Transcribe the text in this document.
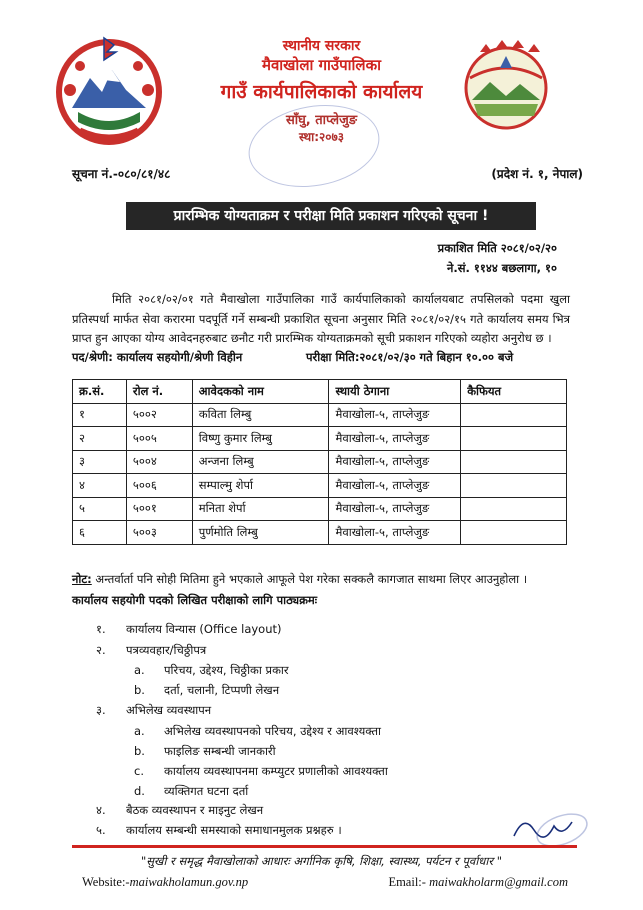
स्थानीय सरकार
मैवाखोला गाउँपालिका
गाउँ कार्यपालिकाको कार्यालय
साँघु, ताप्लेजुङ
स्था:२०७३
सूचना नं.-०८०/८१/४८	(प्रदेश नं. १, नेपाल)
प्रारम्भिक योग्यताक्रम र परीक्षा मिति प्रकाशन गरिएको सूचना !
प्रकाशित मिति २०८१/०२/२०
ने.सं. ११४४ बछलागा, १०
मिति २०८१/०२/०१ गते मैवाखोला गाउँपालिका गाउँ कार्यपालिकाको कार्यालयबाट तपसिलको पदमा खुला प्रतिस्पर्धा मार्फत सेवा करारमा पदपूर्ति गर्ने सम्बन्धी प्रकाशित सूचना अनुसार मिति २०८१/०२/१५ गते कार्यालय समय भित्र प्राप्त हुन आएका योग्य आवेदनहरुबाट छनौट गरी प्रारम्भिक योग्यताक्रमको सूची प्रकाशन गरिएको व्यहोरा अनुरोध छ ।
पद/श्रेणी: कार्यालय सहयोगी/श्रेणी विहीन	परीक्षा मिति:२०८१/०२/३० गते बिहान १०.०० बजे
क्र.सं.	रोल नं.	आवेदकको नाम	स्थायी ठेगाना	कैफियत
१	५००२	कविता लिम्बु	मैवाखोला-५, ताप्लेजुङ	
२	५००५	विष्णु कुमार लिम्बु	मैवाखोला-५, ताप्लेजुङ	
३	५००४	अन्जना लिम्बु	मैवाखोला-५, ताप्लेजुङ	
४	५००६	सम्पाल्मु शेर्पा	मैवाखोला-५, ताप्लेजुङ	
५	५००१	मनिता शेर्पा	मैवाखोला-५, ताप्लेजुङ	
६	५००३	पुर्णमोति लिम्बु	मैवाखोला-५, ताप्लेजुङ	
नोट: अन्तर्वार्ता पनि सोही मितिमा हुने भएकाले आफूले पेश गरेका सक्कलै कागजात साथमा लिएर आउनुहोला ।
कार्यालय सहयोगी पदको लिखित परीक्षाको लागि पाठ्यक्रमः
१. कार्यालय विन्यास (Office layout)
२. पत्रव्यवहार/चिठ्ठीपत्र
a. परिचय, उद्देश्य, चिठ्ठीका प्रकार
b. दर्ता, चलानी, टिप्पणी लेखन
३. अभिलेख व्यवस्थापन
a. अभिलेख व्यवस्थापनको परिचय, उद्देश्य र आवश्यक्ता
b. फाइलिङ सम्बन्धी जानकारी
c. कार्यालय व्यवस्थापनमा कम्प्युटर प्रणालीको आवश्यक्ता
d. व्यक्तिगत घटना दर्ता
४. बैठक व्यवस्थापन र माइनुट लेखन
५. कार्यालय सम्बन्धी समस्याको समाधानमुलक प्रश्नहरु ।
"सुखी र समृद्ध मैवाखोलाको आधारः अर्गानिक कृषि, शिक्षा, स्वास्थ्य, पर्यटन र पूर्वाधार "
Website:-maiwakholamun.gov.np	Email:- maiwakholarm@gmail.com
